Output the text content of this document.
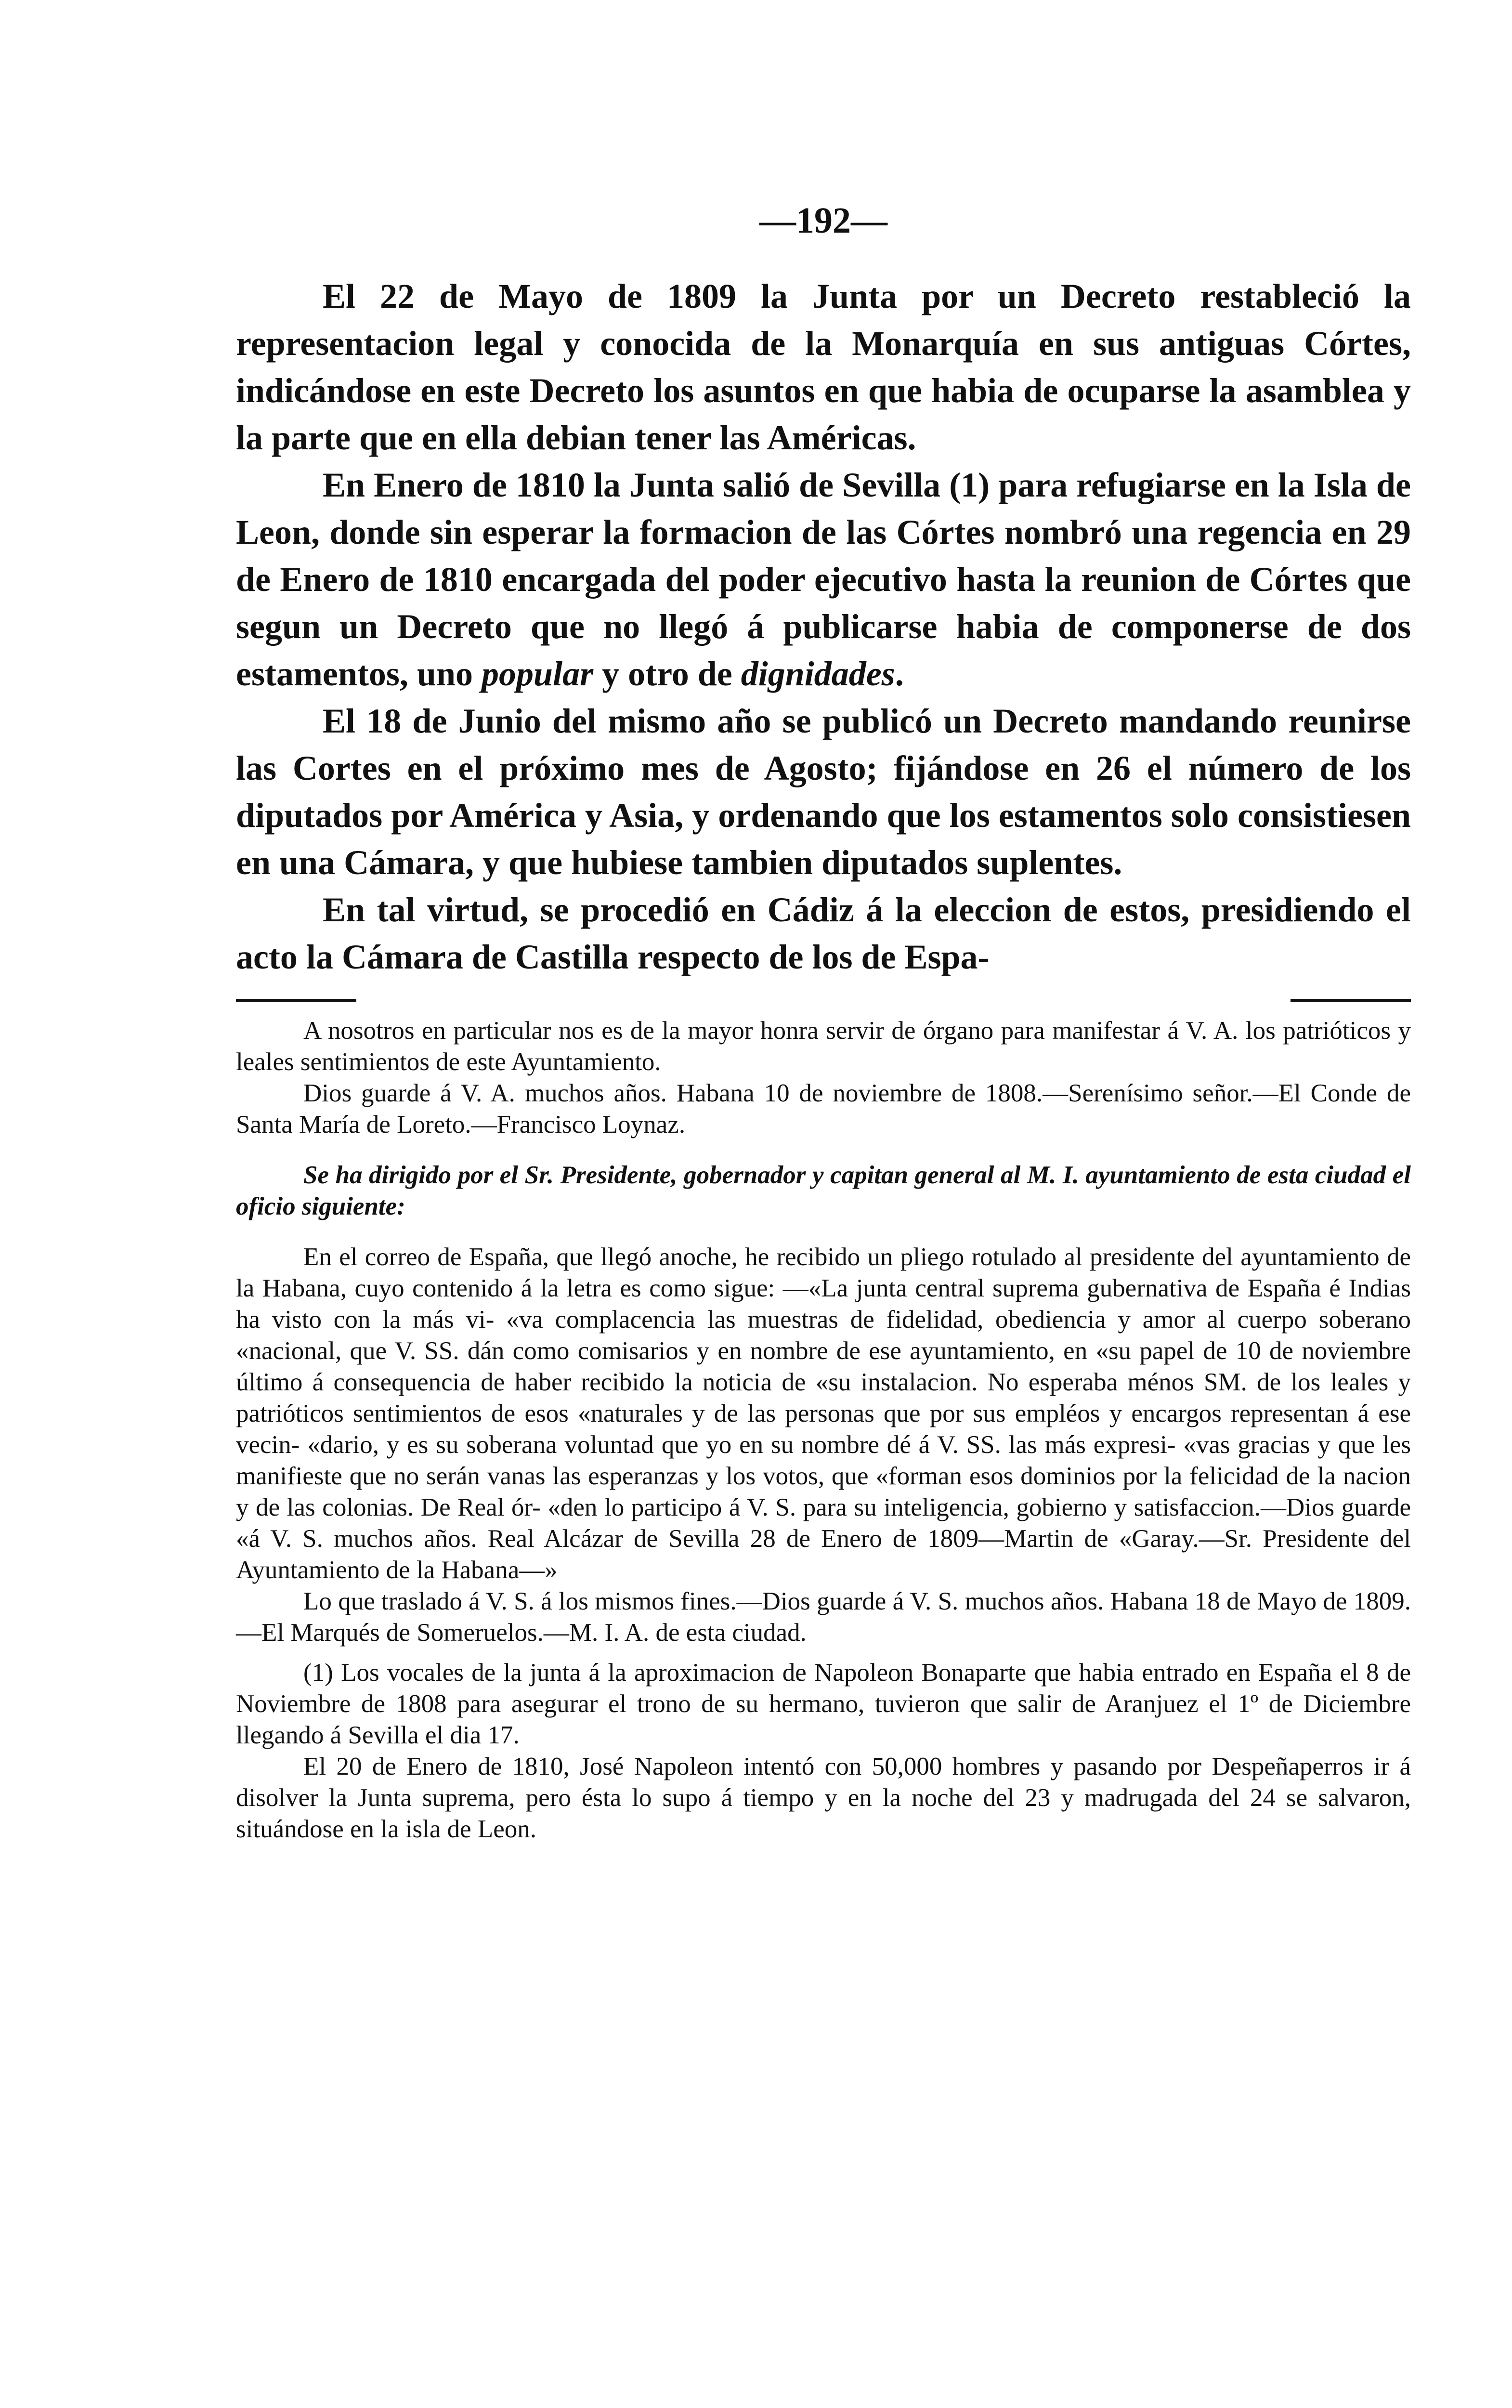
—192—

El 22 de Mayo de 1809 la Junta por un Decreto restableció la representacion legal y conocida de la Monarquía en sus antiguas Córtes, indicándose en este Decreto los asuntos en que habia de ocuparse la asamblea y la parte que en ella debian tener las Américas.

En Enero de 1810 la Junta salió de Sevilla (1) para refugiarse en la Isla de Leon, donde sin esperar la formacion de las Córtes nombró una regencia en 29 de Enero de 1810 encargada del poder ejecutivo hasta la reunion de Córtes que segun un Decreto que no llegó á publicarse habia de componerse de dos estamentos, uno popular y otro de dignidades.

El 18 de Junio del mismo año se publicó un Decreto mandando reunirse las Cortes en el próximo mes de Agosto; fijándose en 26 el número de los diputados por América y Asia, y ordenando que los estamentos solo consistiesen en una Cámara, y que hubiese tambien diputados suplentes.

En tal virtud, se procedió en Cádiz á la eleccion de estos, presidiendo el acto la Cámara de Castilla respecto de los de Espa-

A nosotros en particular nos es de la mayor honra servir de órgano para manifestar á V. A. los patrióticos y leales sentimientos de este Ayuntamiento.

Dios guarde á V. A. muchos años. Habana 10 de noviembre de 1808.—Serenísimo señor.—El Conde de Santa María de Loreto.—Francisco Loynaz.

Se ha dirigido por el Sr. Presidente, gobernador y capitan general al M. I. ayuntamiento de esta ciudad el oficio siguiente:

En el correo de España, que llegó anoche, he recibido un pliego rotulado al presidente del ayuntamiento de la Habana, cuyo contenido á la letra es como sigue: —«La junta central suprema gubernativa de España é Indias ha visto con la más vi- «va complacencia las muestras de fidelidad, obediencia y amor al cuerpo soberano «nacional, que V. SS. dán como comisarios y en nombre de ese ayuntamiento, en «su papel de 10 de noviembre último á consequencia de haber recibido la noticia de «su instalacion. No esperaba ménos SM. de los leales y patrióticos sentimientos de esos «naturales y de las personas que por sus empléos y encargos representan á ese vecin- «dario, y es su soberana voluntad que yo en su nombre dé á V. SS. las más expresi- «vas gracias y que les manifieste que no serán vanas las esperanzas y los votos, que «forman esos dominios por la felicidad de la nacion y de las colonias. De Real ór- «den lo participo á V. S. para su inteligencia, gobierno y satisfaccion.—Dios guarde «á V. S. muchos años. Real Alcázar de Sevilla 28 de Enero de 1809—Martin de «Garay.—Sr. Presidente del Ayuntamiento de la Habana—»

Lo que traslado á V. S. á los mismos fines.—Dios guarde á V. S. muchos años. Habana 18 de Mayo de 1809.—El Marqués de Someruelos.—M. I. A. de esta ciudad.

(1) Los vocales de la junta á la aproximacion de Napoleon Bonaparte que habia entrado en España el 8 de Noviembre de 1808 para asegurar el trono de su hermano, tuvieron que salir de Aranjuez el 1º de Diciembre llegando á Sevilla el dia 17.

El 20 de Enero de 1810, José Napoleon intentó con 50,000 hombres y pasando por Despeñaperros ir á disolver la Junta suprema, pero ésta lo supo á tiempo y en la noche del 23 y madrugada del 24 se salvaron, situándose en la isla de Leon.
